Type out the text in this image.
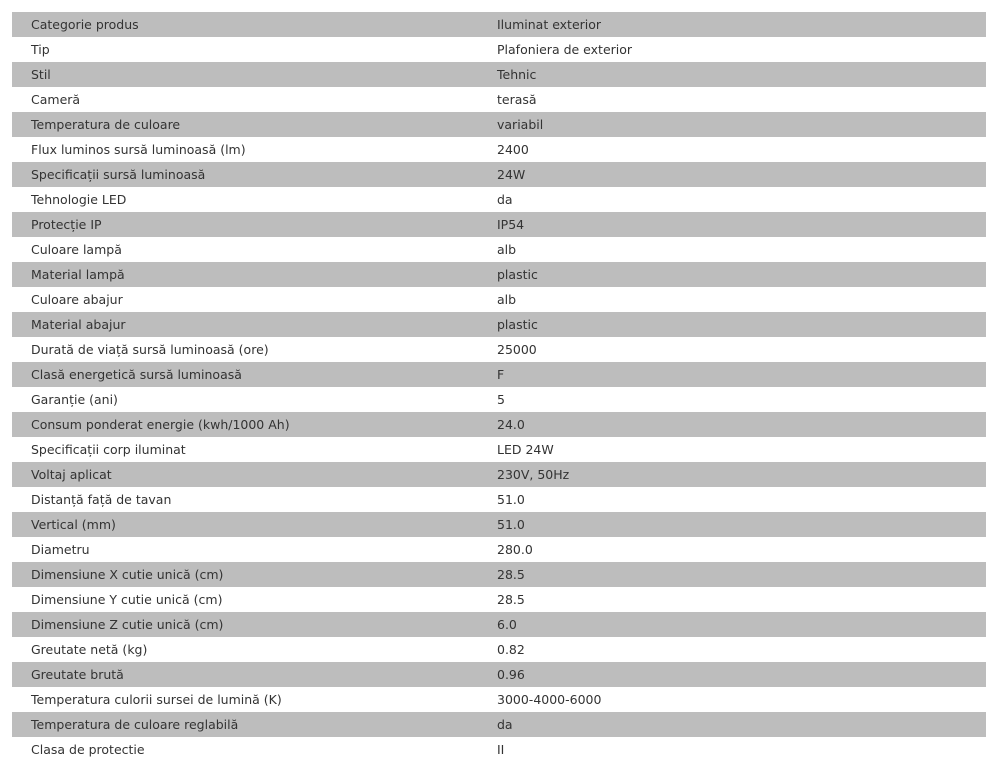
Categorie produs	Iluminat exterior
Tip	Plafoniera de exterior
Stil	Tehnic
Cameră	terasă
Temperatura de culoare	variabil
Flux luminos sursă luminoasă (lm)	2400
Specificații sursă luminoasă	24W
Tehnologie LED	da
Protecție IP	IP54
Culoare lampă	alb
Material lampă	plastic
Culoare abajur	alb
Material abajur	plastic
Durată de viață sursă luminoasă (ore)	25000
Clasă energetică sursă luminoasă	F
Garanție (ani)	5
Consum ponderat energie (kwh/1000 Ah)	24.0
Specificații corp iluminat	LED 24W
Voltaj aplicat	230V, 50Hz
Distanță față de tavan	51.0
Vertical (mm)	51.0
Diametru	280.0
Dimensiune X cutie unică (cm)	28.5
Dimensiune Y cutie unică (cm)	28.5
Dimensiune Z cutie unică (cm)	6.0
Greutate netă (kg)	0.82
Greutate brută	0.96
Temperatura culorii sursei de lumină (K)	3000-4000-6000
Temperatura de culoare reglabilă	da
Clasa de protectie	II
